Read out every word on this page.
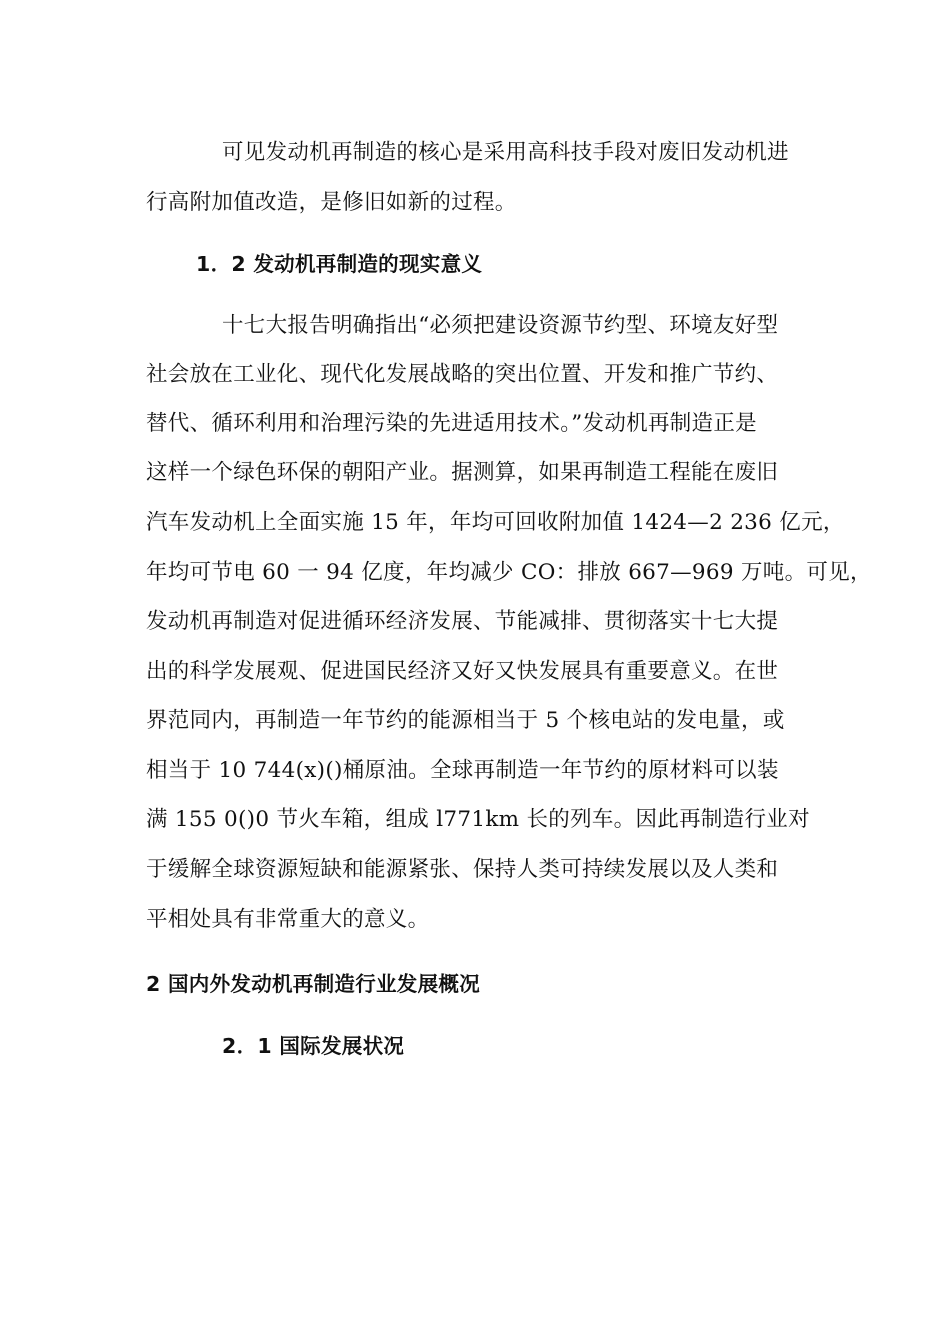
可见发动机再制造的核心是采用高科技手段对废旧发动机进
行高附加值改造，是修旧如新的过程。
1．2 发动机再制造的现实意义
十七大报告明确指出“必须把建设资源节约型、环境友好型
社会放在工业化、现代化发展战略的突出位置、开发和推广节约、
替代、循环利用和治理污染的先进适用技术。”发动机再制造正是
这样一个绿色环保的朝阳产业。据测算，如果再制造工程能在废旧
汽车发动机上全面实施 15 年，年均可回收附加值 1424—2 236 亿元，
年均可节电 60 一 94 亿度，年均减少 CO：排放 667—969 万吨。可见，
发动机再制造对促进循环经济发展、节能减排、贯彻落实十七大提
出的科学发展观、促进国民经济又好又快发展具有重要意义。在世
界范同内，再制造一年节约的能源相当于 5 个核电站的发电量，或
相当于 10 744(x)()桶原油。全球再制造一年节约的原材料可以装
满 155 0()0 节火车箱，组成 l771km 长的列车。因此再制造行业对
于缓解全球资源短缺和能源紧张、保持人类可持续发展以及人类和
平相处具有非常重大的意义。
2 国内外发动机再制造行业发展概况
2．1 国际发展状况
